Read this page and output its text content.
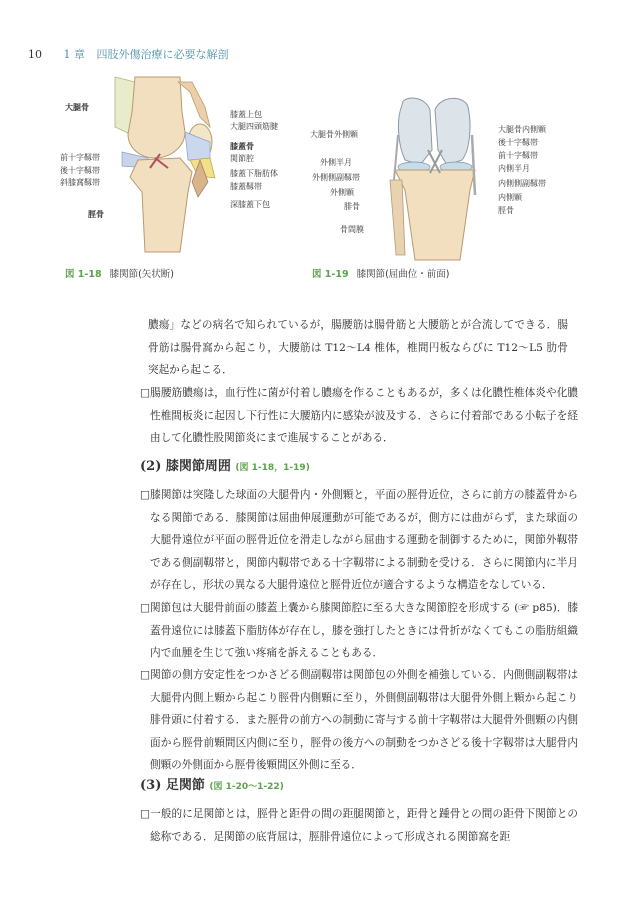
10 1 章 四肢外傷治療に必要な解剖
大腿骨
前十字靱帯
後十字靱帯
斜膝窩靱帯
脛骨
膝蓋上包
大腿四頭筋腱
膝蓋骨
関節腔
膝蓋下脂肪体
膝蓋靱帯
深膝蓋下包
図 1-18 膝関節(矢状断)
大腿骨外側顆
外側半月
外側側副靱帯
外側顆
腓骨
骨間膜
大腿骨内側顆
後十字靱帯
前十字靱帯
内側半月
内側側副靱帯
内側顆
脛骨
図 1-19 膝関節(屈曲位・前面)
膿瘍」などの病名で知られているが，腸腰筋は腸骨筋と大腰筋とが合流してできる．腸骨筋は腸骨窩から起こり，大腰筋は T12〜L4 椎体，椎間円板ならびに T12〜L5 肋骨突起から起こる．
□腸腰筋膿瘍は，血行性に菌が付着し膿瘍を作ることもあるが，多くは化膿性椎体炎や化膿性椎間板炎に起因し下行性に大腰筋内に感染が波及する．さらに付着部である小転子を経由して化膿性股関節炎にまで進展することがある．
(2) 膝関節周囲 (図 1-18，1-19)
□膝関節は突隆した球面の大腿骨内・外側顆と，平面の脛骨近位，さらに前方の膝蓋骨からなる関節である．膝関節は屈曲伸展運動が可能であるが，側方には曲がらず，また球面の大腿骨遠位が平面の脛骨近位を滑走しながら屈曲する運動を制御するために，関節外靱帯である側副靱帯と，関節内靱帯である十字靱帯による制動を受ける．さらに関節内に半月が存在し，形状の異なる大腿骨遠位と脛骨近位が適合するような構造をなしている．
□関節包は大腿骨前面の膝蓋上嚢から膝関節腔に至る大きな関節腔を形成する (☞ p85)．膝蓋骨遠位には膝蓋下脂肪体が存在し，膝を強打したときには骨折がなくてもこの脂肪組織内で血腫を生じて強い疼痛を訴えることもある．
□関節の側方安定性をつかさどる側副靱帯は関節包の外側を補強している．内側側副靱帯は大腿骨内側上顆から起こり脛骨内側顆に至り，外側側副靱帯は大腿骨外側上顆から起こり腓骨頭に付着する．また脛骨の前方への制動に寄与する前十字靱帯は大腿骨外側顆の内側面から脛骨前顆間区内側に至り，脛骨の後方への制動をつかさどる後十字靱帯は大腿骨内側顆の外側面から脛骨後顆間区外側に至る．
(3) 足関節 (図 1-20〜1-22)
□一般的に足関節とは，脛骨と距骨の間の距腿関節と，距骨と踵骨との間の距骨下関節との総称である．足関節の底背屈は，脛腓骨遠位によって形成される関節窩を距
